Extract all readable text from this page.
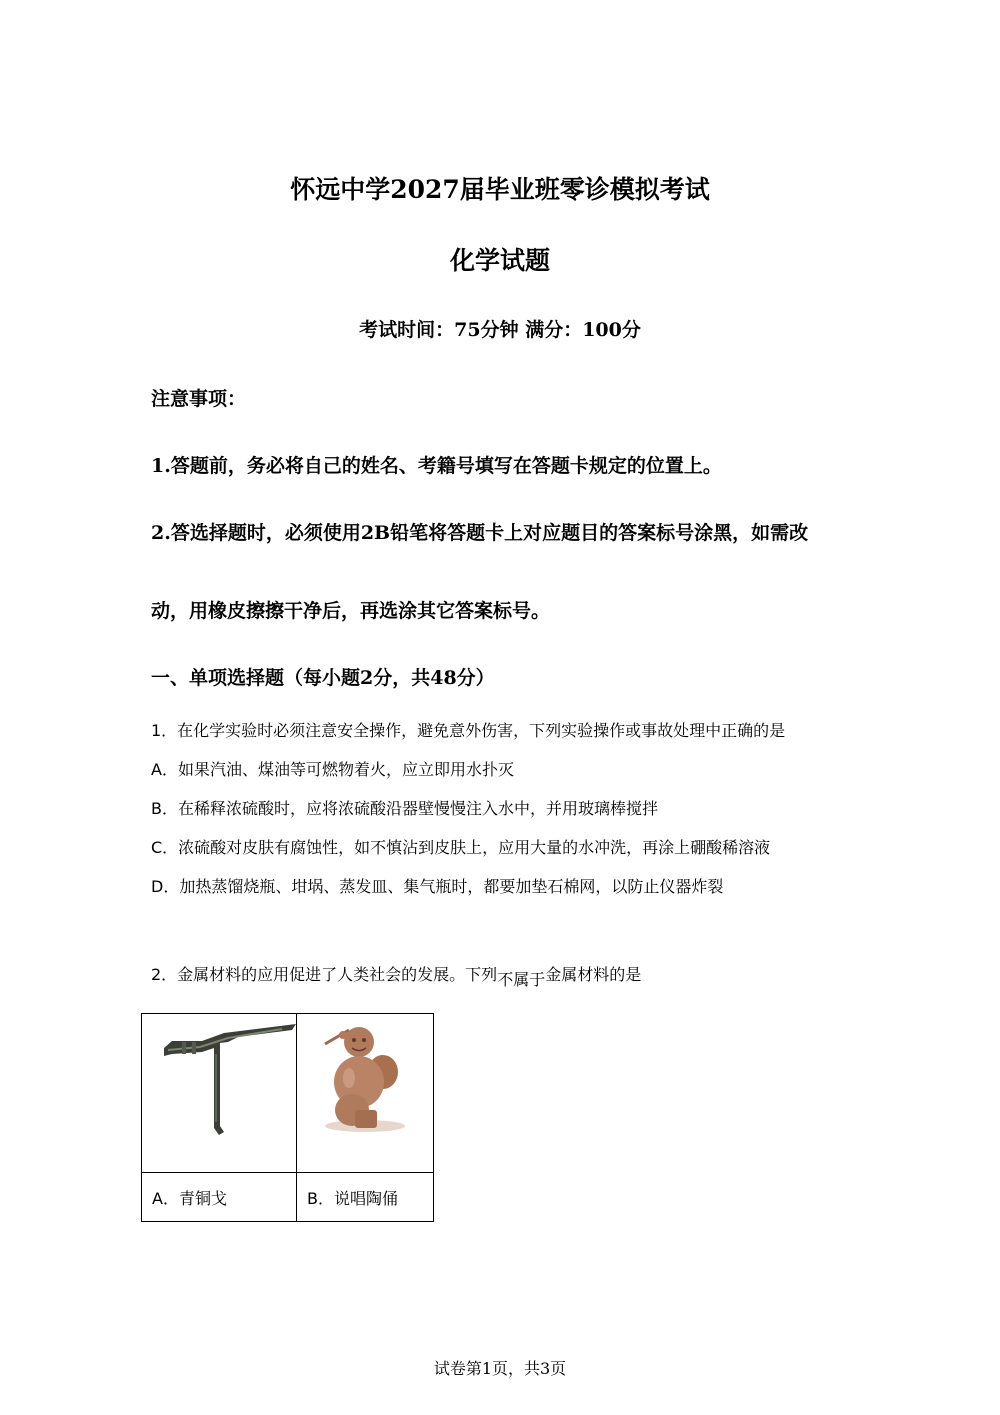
怀远中学2027届毕业班零诊模拟考试
化学试题
考试时间：75分钟 满分：100分
注意事项：
1.答题前，务必将自己的姓名、考籍号填写在答题卡规定的位置上。
2.答选择题时，必须使用2B铅笔将答题卡上对应题目的答案标号涂黑，如需改
动，用橡皮擦擦干净后，再选涂其它答案标号。
一、单项选择题（每小题2分，共48分）
1．在化学实验时必须注意安全操作，避免意外伤害，下列实验操作或事故处理中正确的是
A．如果汽油、煤油等可燃物着火，应立即用水扑灭
B．在稀释浓硫酸时，应将浓硫酸沿器壁慢慢注入水中，并用玻璃棒搅拌
C．浓硫酸对皮肤有腐蚀性，如不慎沾到皮肤上，应用大量的水冲洗，再涂上硼酸稀溶液
D．加热蒸馏烧瓶、坩埚、蒸发皿、集气瓶时，都要加垫石棉网，以防止仪器炸裂
2．金属材料的应用促进了人类社会的发展。下列不属于金属材料的是

A．青铜戈	B．说唱陶俑
试卷第1页，共3页
